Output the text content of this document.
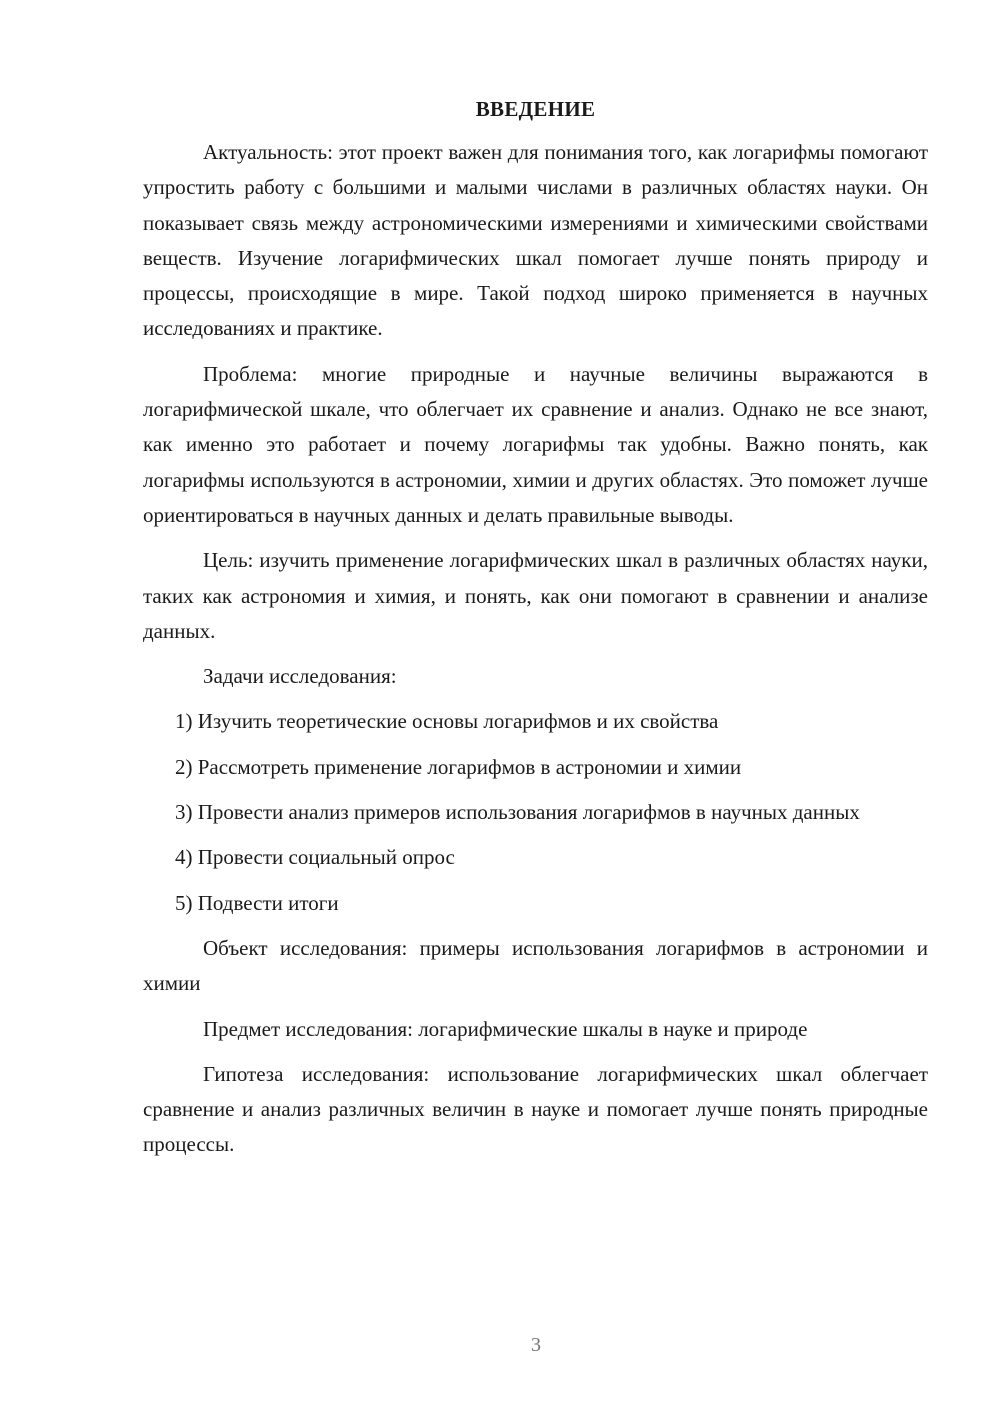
ВВЕДЕНИЕ

Актуальность: этот проект важен для понимания того, как логарифмы помогают упростить работу с большими и малыми числами в различных областях науки. Он показывает связь между астрономическими измерениями и химическими свойствами веществ. Изучение логарифмических шкал помогает лучше понять природу и процессы, происходящие в мире. Такой подход широко применяется в научных исследованиях и практике.

Проблема: многие природные и научные величины выражаются в логарифмической шкале, что облегчает их сравнение и анализ. Однако не все знают, как именно это работает и почему логарифмы так удобны. Важно понять, как логарифмы используются в астрономии, химии и других областях. Это поможет лучше ориентироваться в научных данных и делать правильные выводы.

Цель: изучить применение логарифмических шкал в различных областях науки, таких как астрономия и химия, и понять, как они помогают в сравнении и анализе данных.

Задачи исследования:

1) Изучить теоретические основы логарифмов и их свойства

2) Рассмотреть применение логарифмов в астрономии и химии

3) Провести анализ примеров использования логарифмов в научных данных

4) Провести социальный опрос

5) Подвести итоги

Объект исследования: примеры использования логарифмов в астрономии и химии

Предмет исследования: логарифмические шкалы в науке и природе

Гипотеза исследования: использование логарифмических шкал облегчает сравнение и анализ различных величин в науке и помогает лучше понять природные процессы.

3
